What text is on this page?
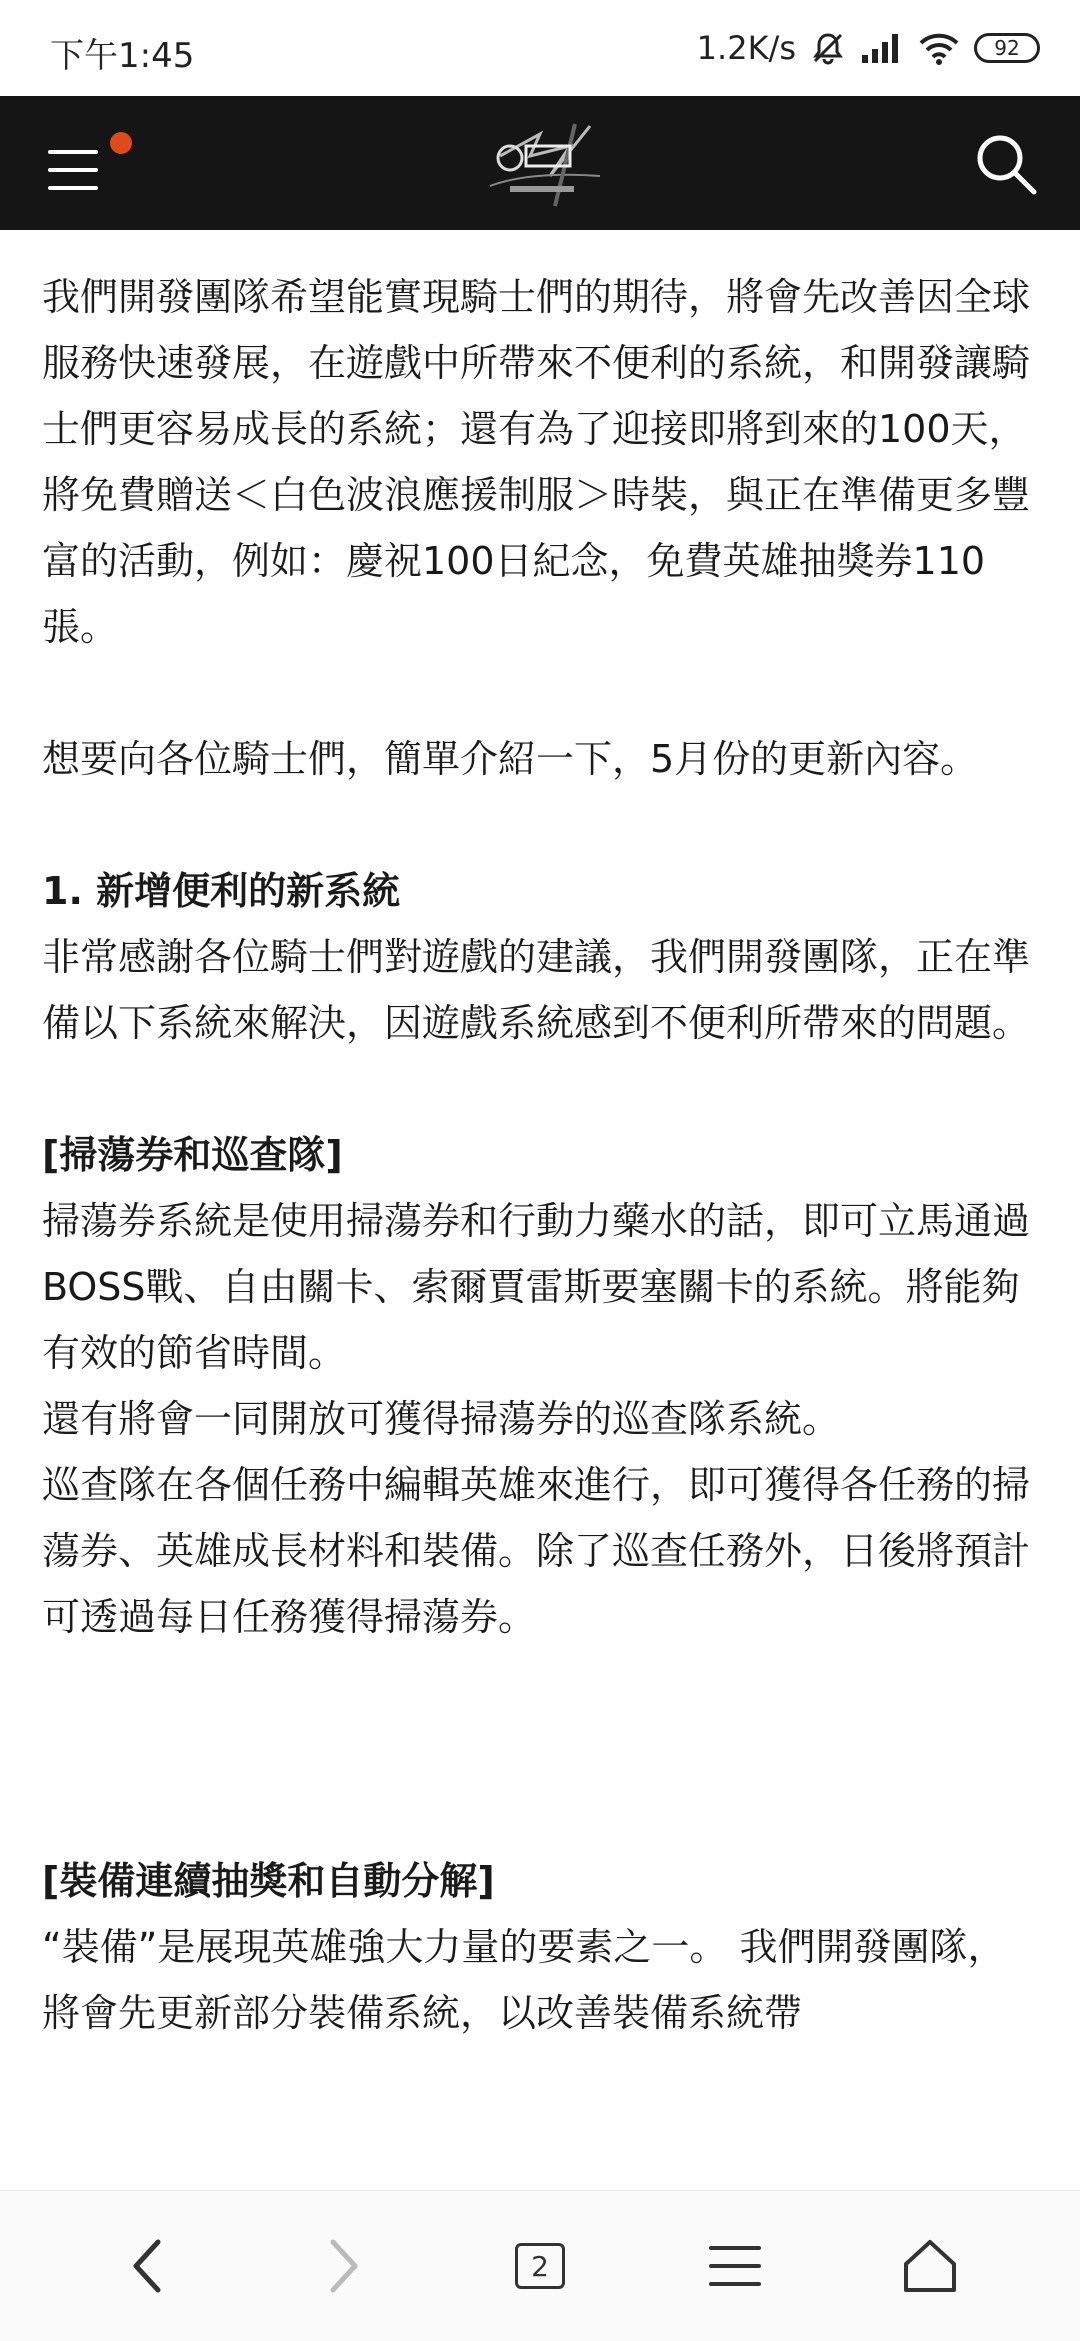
下午1:45	1.2K/s	92

我們開發團隊希望能實現騎士們的期待，將會先改善因全球服務快速發展，在遊戲中所帶來不便利的系統，和開發讓騎士們更容易成長的系統；還有為了迎接即將到來的100天，將免費贈送＜白色波浪應援制服＞時裝，與正在準備更多豐富的活動，例如：慶祝100日紀念，免費英雄抽獎券110張。

想要向各位騎士們，簡單介紹一下，5月份的更新內容。

1. 新增便利的新系統

非常感謝各位騎士們對遊戲的建議，我們開發團隊，正在準備以下系統來解決，因遊戲系統感到不便利所帶來的問題。

[掃蕩券和巡查隊]

掃蕩券系統是使用掃蕩券和行動力藥水的話，即可立馬通過BOSS戰、自由關卡、索爾賈雷斯要塞關卡的系統。將能夠有效的節省時間。

還有將會一同開放可獲得掃蕩券的巡查隊系統。

巡查隊在各個任務中編輯英雄來進行，即可獲得各任務的掃蕩券、英雄成長材料和裝備。除了巡查任務外，日後將預計可透過每日任務獲得掃蕩券。

[裝備連續抽獎和自動分解]

“裝備”是展現英雄強大力量的要素之一。 我們開發團隊，將會先更新部分裝備系統，以改善裝備系統帶

2
